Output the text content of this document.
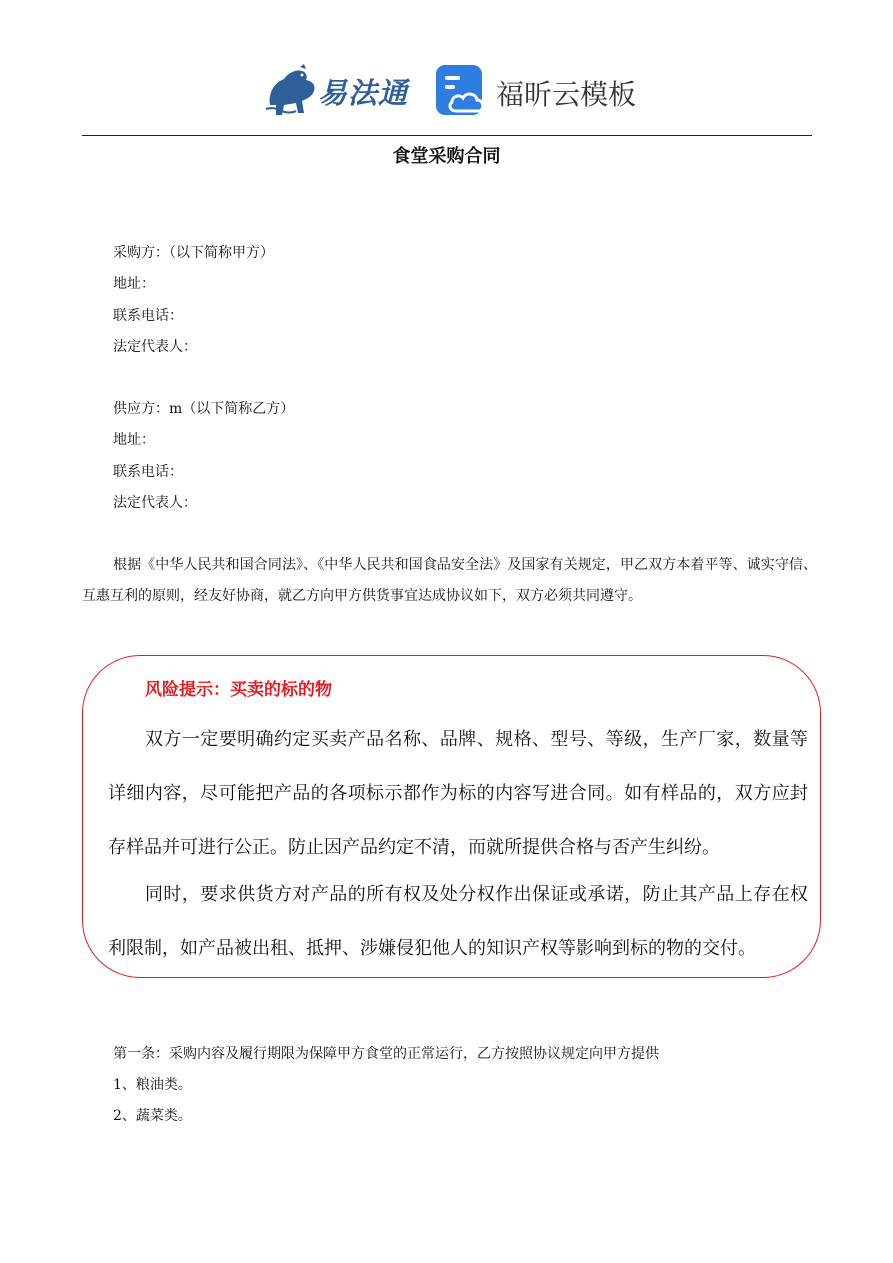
易法通	福昕云模板
食堂采购合同
采购方：（以下简称甲方）
地址：
联系电话：
法定代表人：
供应方：m（以下简称乙方）
地址：
联系电话：
法定代表人：
根据《中华人民共和国合同法》、《中华人民共和国食品安全法》及国家有关规定，甲乙双方本着平等、诚实守信、互惠互利的原则，经友好协商，就乙方向甲方供货事宜达成协议如下，双方必须共同遵守。
风险提示：买卖的标的物
双方一定要明确约定买卖产品名称、品牌、规格、型号、等级，生产厂家，数量等详细内容，尽可能把产品的各项标示都作为标的内容写进合同。如有样品的，双方应封存样品并可进行公正。防止因产品约定不清，而就所提供合格与否产生纠纷。
同时，要求供货方对产品的所有权及处分权作出保证或承诺，防止其产品上存在权利限制，如产品被出租、抵押、涉嫌侵犯他人的知识产权等影响到标的物的交付。
第一条：采购内容及履行期限为保障甲方食堂的正常运行，乙方按照协议规定向甲方提供
1、粮油类。
2、蔬菜类。
